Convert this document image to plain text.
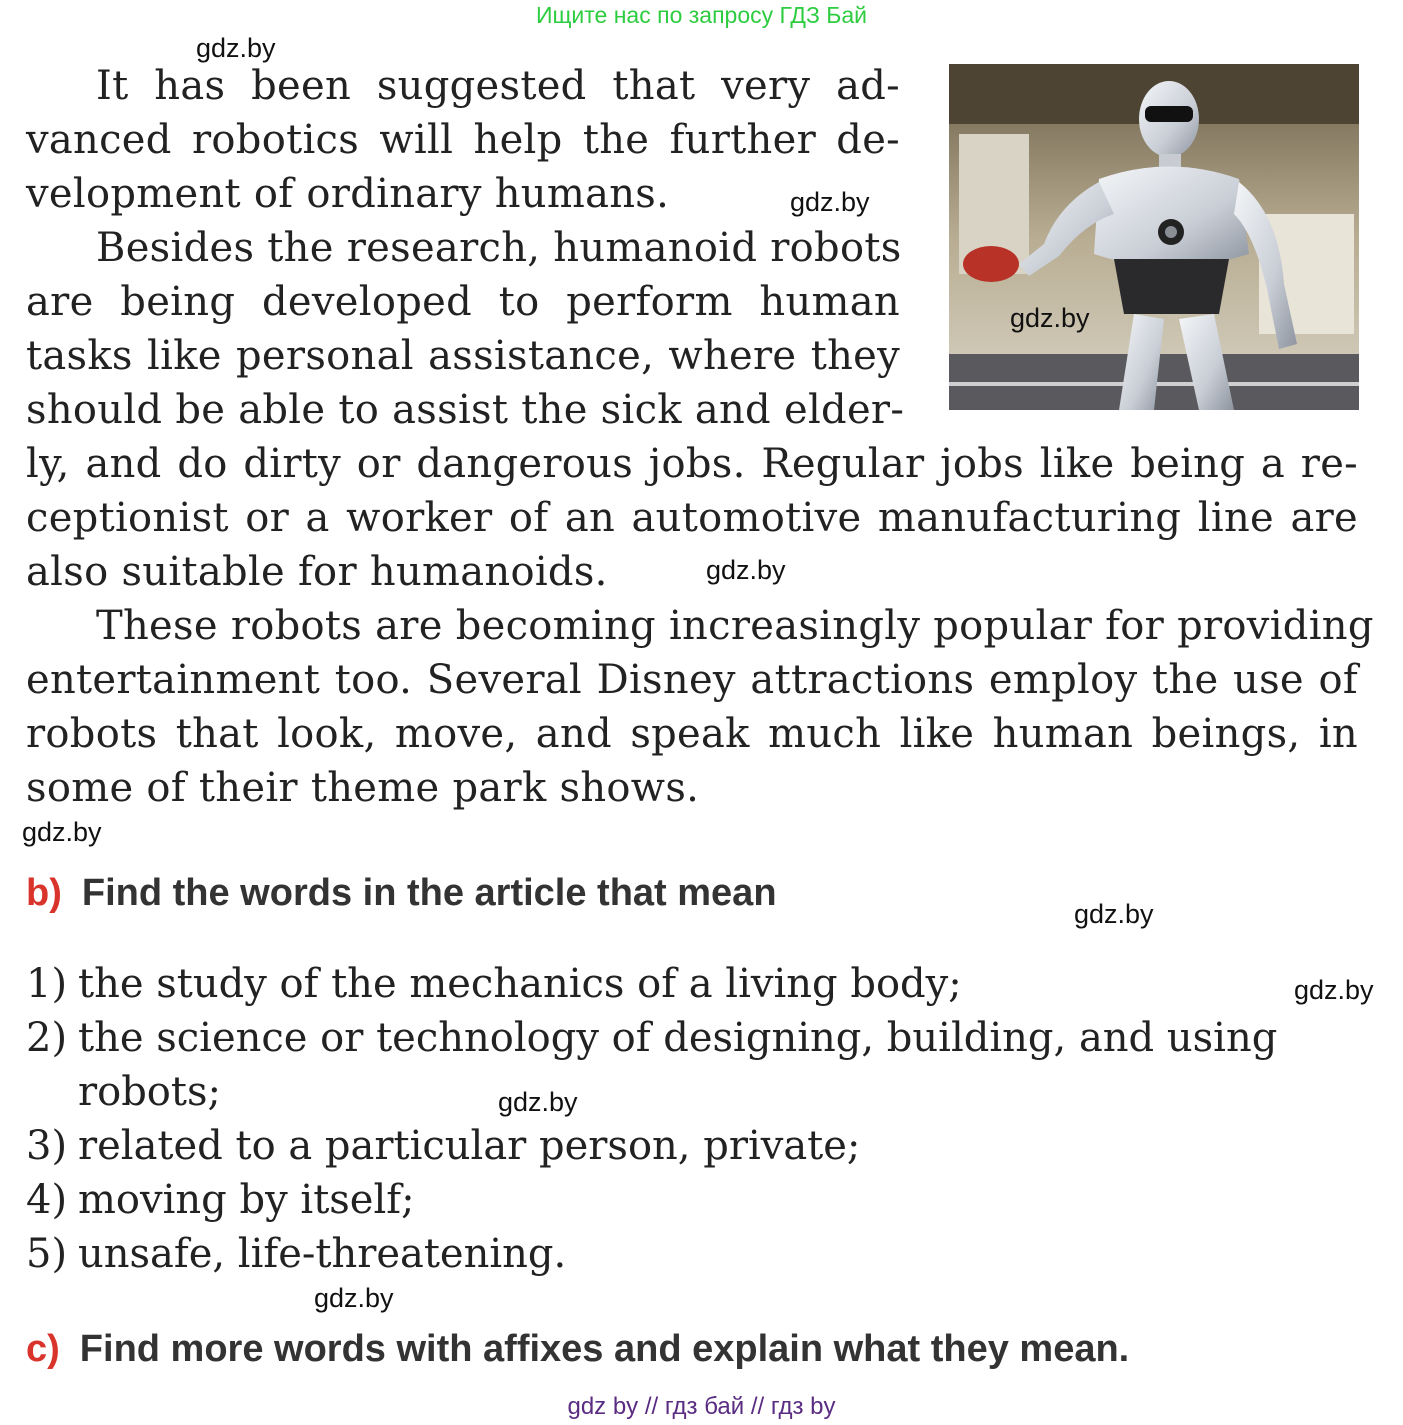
Ищите нас по запросу ГДЗ Бай
gdz.by
gdz.by
gdz.by
gdz.by
gdz.by
gdz.by
gdz.by
gdz.by
gdz.by
It has been suggested that very ad-
vanced robotics will help the further de-
velopment of ordinary humans.
Besides the research, humanoid robots
are being developed to perform human
tasks like personal assistance, where they
should be able to assist the sick and elder-
ly, and do dirty or dangerous jobs. Regular jobs like being a re-
ceptionist or a worker of an automotive manufacturing line are
also suitable for humanoids.
These robots are becoming increasingly popular for providing
entertainment too. Several Disney attractions employ the use of
robots that look, move, and speak much like human beings, in
some of their theme park shows.
b) Find the words in the article that mean
1) the study of the mechanics of a living body;
2) the science or technology of designing, building, and using
robots;
3) related to a particular person, private;
4) moving by itself;
5) unsafe, life-threatening.
c) Find more words with affixes and explain what they mean.
gdz by // гдз бай // гдз by
